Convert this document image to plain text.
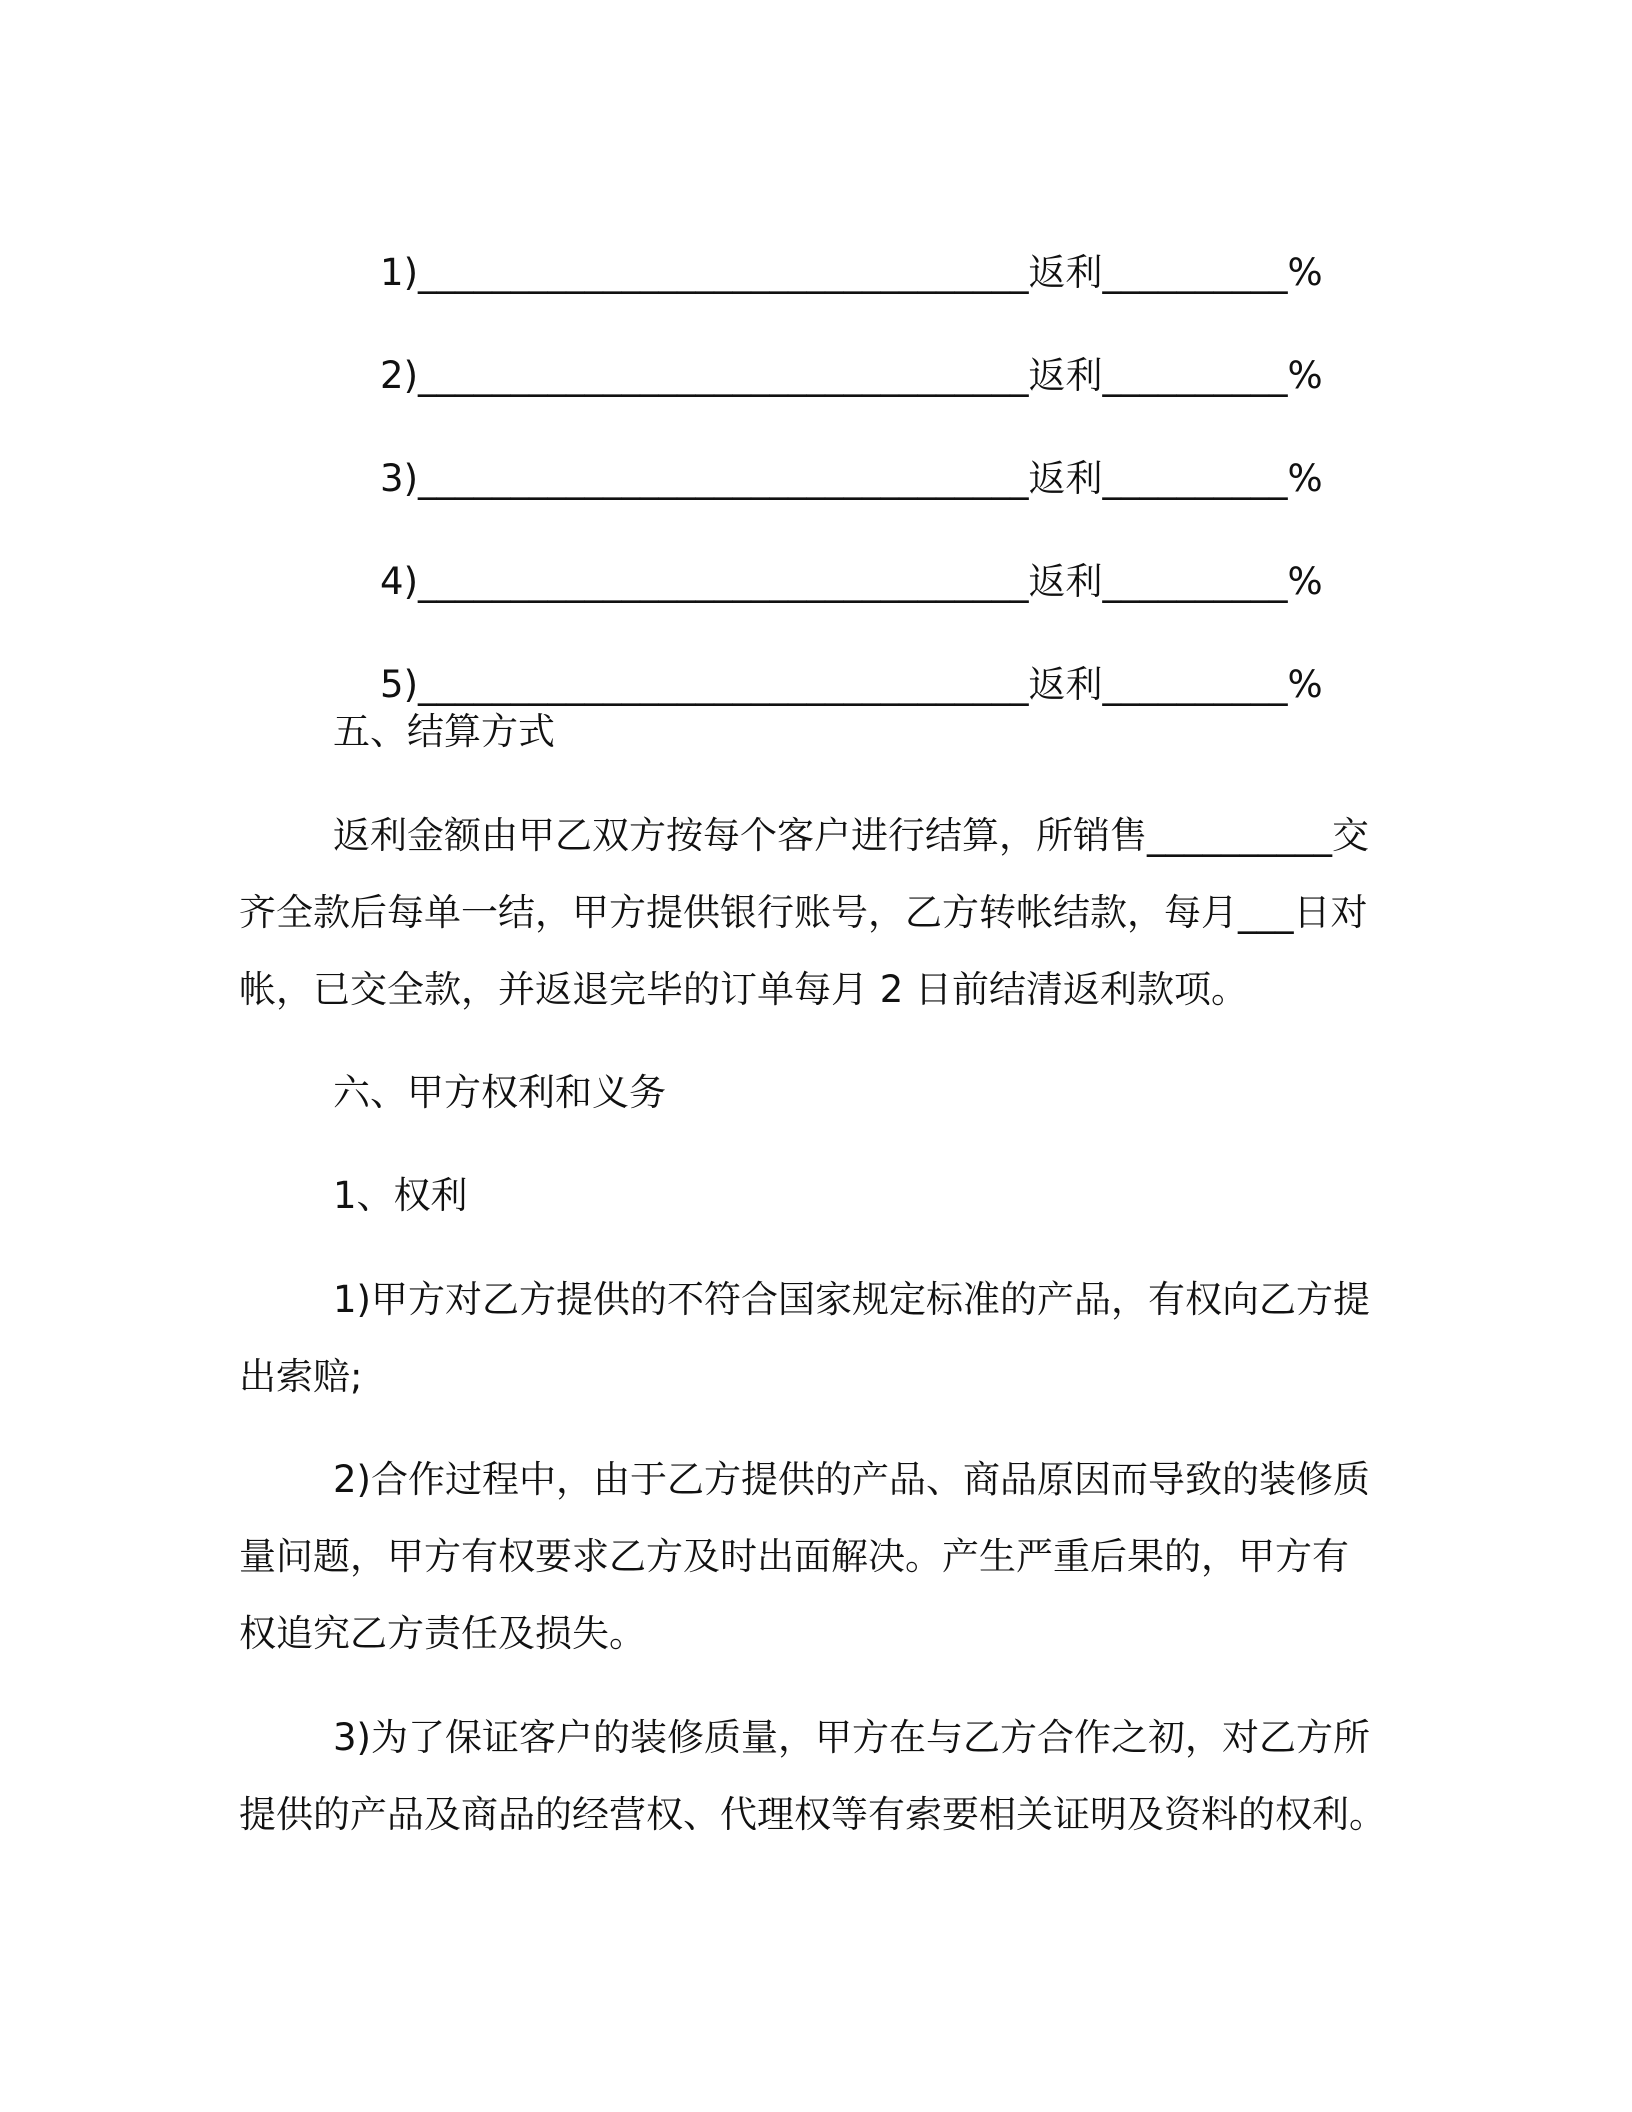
1)_________________________________返利__________%

2)_________________________________返利__________%

3)_________________________________返利__________%

4)_________________________________返利__________%

5)_________________________________返利__________%

五、结算方式
返利金额由甲乙双方按每个客户进行结算，所销售__________交
齐全款后每单一结，甲方提供银行账号，乙方转帐结款，每月___日对
帐，已交全款，并返退完毕的订单每月 2 日前结清返利款项。
六、甲方权利和义务
1、权利
1)甲方对乙方提供的不符合国家规定标准的产品，有权向乙方提
出索赔;
2)合作过程中，由于乙方提供的产品、商品原因而导致的装修质
量问题，甲方有权要求乙方及时出面解决。产生严重后果的，甲方有
权追究乙方责任及损失。
3)为了保证客户的装修质量，甲方在与乙方合作之初，对乙方所
提供的产品及商品的经营权、代理权等有索要相关证明及资料的权利。
